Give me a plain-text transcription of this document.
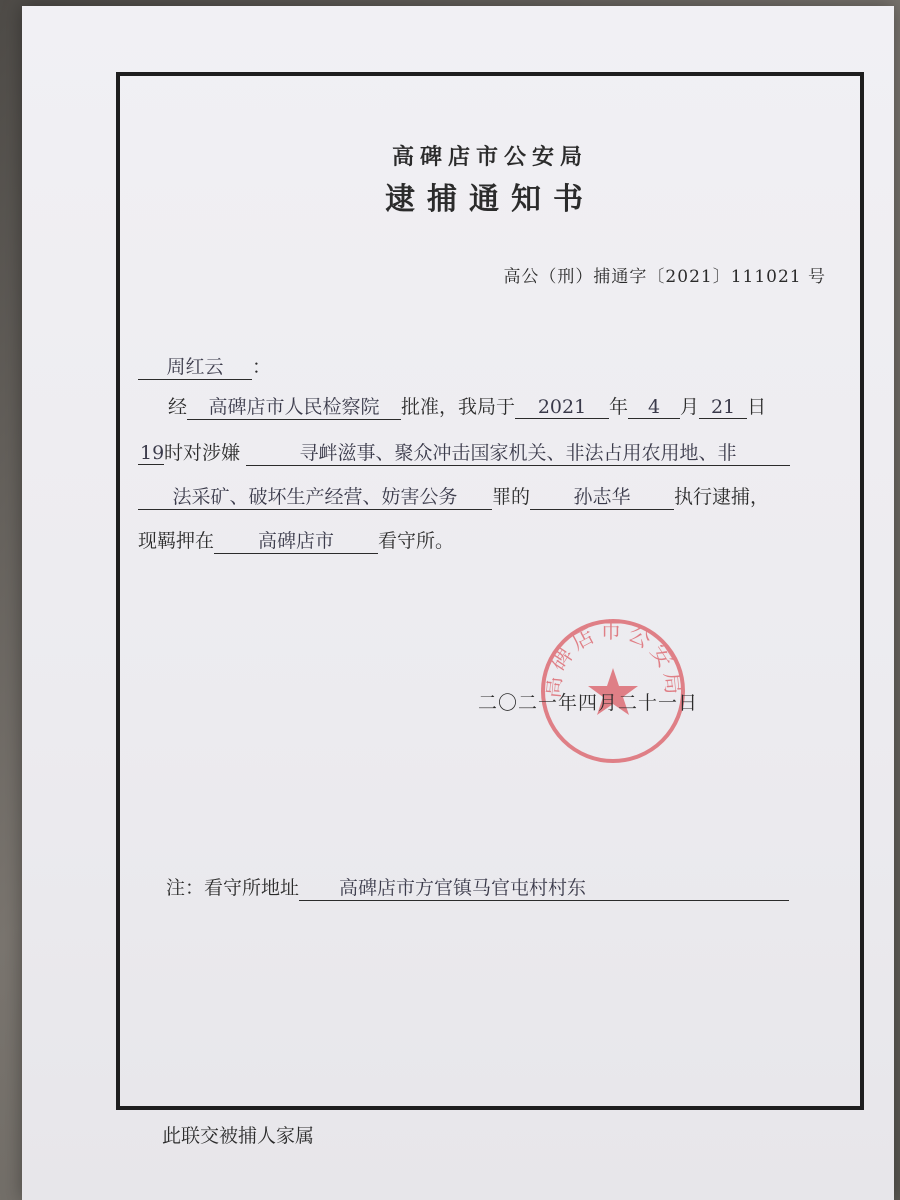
高碑店市公安局
逮捕通知书
高公（刑）捕通字〔2021〕111021 号
周红云 ：
经 高碑店市人民检察院 批准，我局于 2021 年 4 月 21 日
19时对涉嫌	寻衅滋事、聚众冲击国家机关、非法占用农用地、非
法采矿、破坏生产经营、妨害公务 罪的 孙志华 执行逮捕，
现羁押在 高碑店市 看守所。
高碑店市公安局
二〇二一年四月二十一日
注：看守所地址 高碑店市方官镇马官屯村村东
此联交被捕人家属
